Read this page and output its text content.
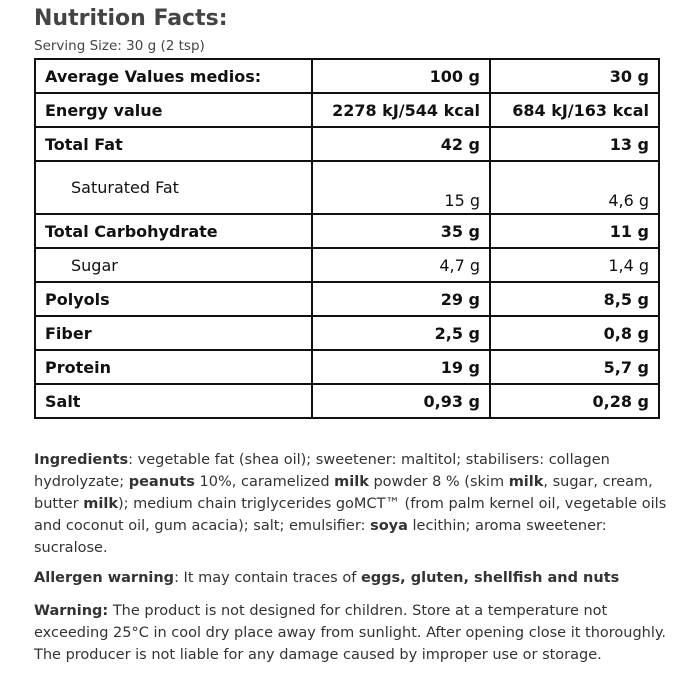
Nutrition Facts:
Serving Size: 30 g (2 tsp)
Average Values medios:	100 g	30 g
Energy value	2278 kJ/544 kcal	684 kJ/163 kcal
Total Fat	42 g	13 g
Saturated Fat	15 g	4,6 g
Total Carbohydrate	35 g	11 g
Sugar	4,7 g	1,4 g
Polyols	29 g	8,5 g
Fiber	2,5 g	0,8 g
Protein	19 g	5,7 g
Salt	0,93 g	0,28 g
Ingredients: vegetable fat (shea oil); sweetener: maltitol; stabilisers: collagen hydrolyzate; peanuts 10%, caramelized milk powder 8 % (skim milk, sugar, cream, butter milk); medium chain triglycerides goMCT™ (from palm kernel oil, vegetable oils and coconut oil, gum acacia); salt; emulsifier: soya lecithin; aroma sweetener: sucralose.
Allergen warning: It may contain traces of eggs, gluten, shellfish and nuts
Warning: The product is not designed for children. Store at a temperature not exceeding 25°C in cool dry place away from sunlight. After opening close it thoroughly. The producer is not liable for any damage caused by improper use or storage.
